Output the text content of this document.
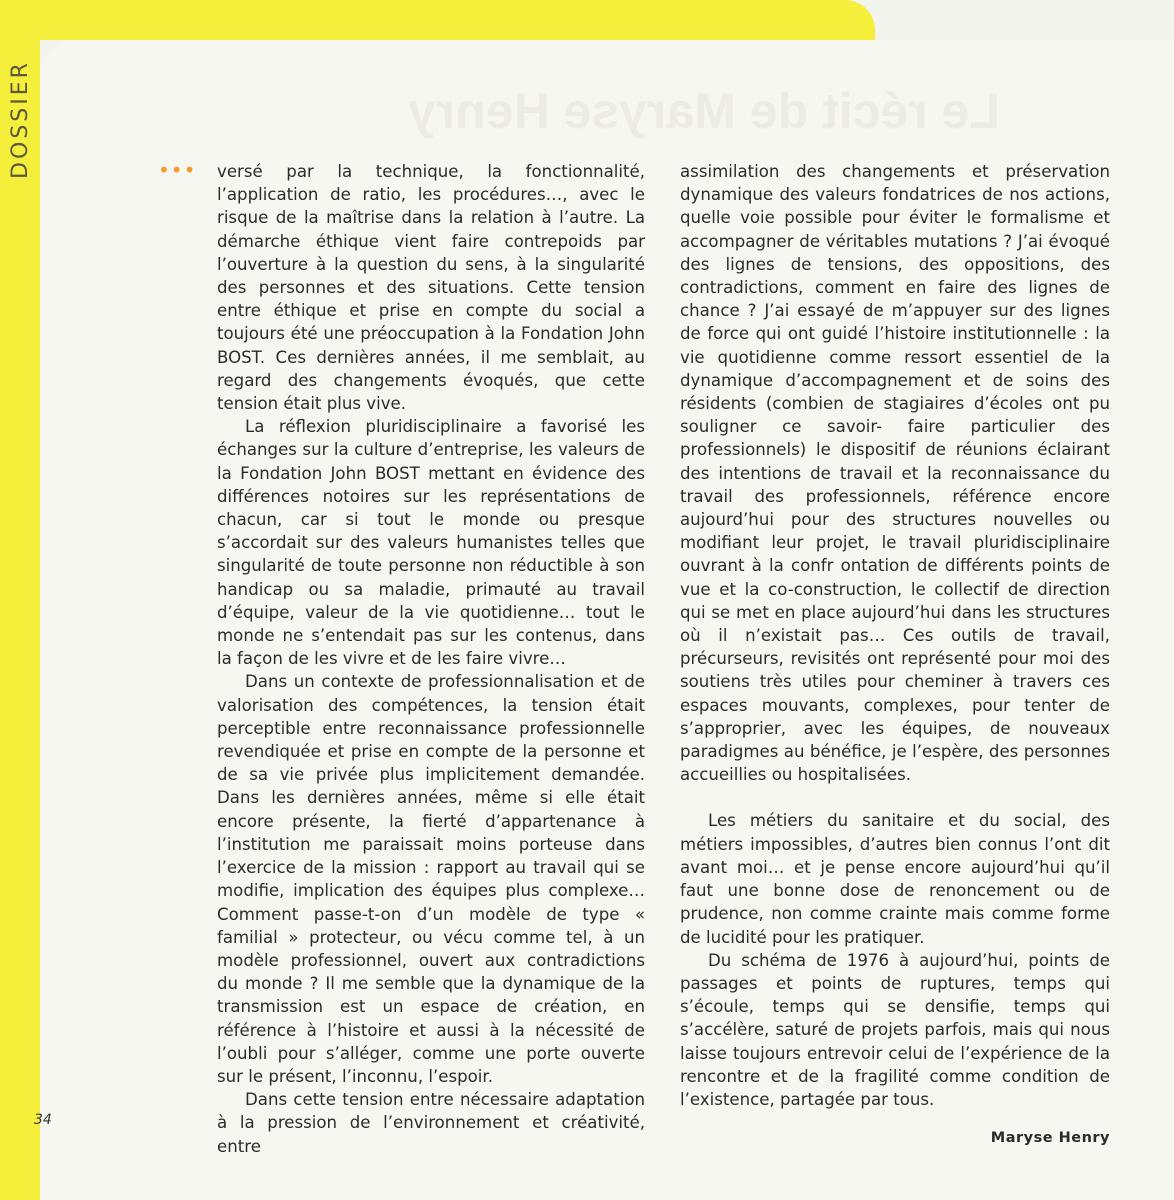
DOSSIER	Le récit de Maryse Henry
••• versé par la technique, la fonctionnalité, l’application de ratio, les procédures…, avec le risque de la maîtrise dans la relation à l’autre. La démarche éthique vient faire contrepoids par l’ouverture à la question du sens, à la singularité des personnes et des situations. Cette tension entre éthique et prise en compte du social a toujours été une préoccupation à la Fondation John BOST. Ces dernières années, il me semblait, au regard des changements évoqués, que cette tension était plus vive.

La réflexion pluridisciplinaire a favorisé les échanges sur la culture d’entreprise, les valeurs de la Fondation John BOST mettant en évidence des différences notoires sur les représentations de chacun, car si tout le monde ou presque s’accordait sur des valeurs humanistes telles que singularité de toute personne non réductible à son handicap ou sa maladie, primauté au travail d’équipe, valeur de la vie quotidienne… tout le monde ne s’entendait pas sur les contenus, dans la façon de les vivre et de les faire vivre…

Dans un contexte de professionnalisation et de valorisation des compétences, la tension était perceptible entre reconnaissance professionnelle revendiquée et prise en compte de la personne et de sa vie privée plus implicitement demandée. Dans les dernières années, même si elle était encore présente, la fierté d’appartenance à l’institution me paraissait moins porteuse dans l’exercice de la mission : rapport au travail qui se modifie, implication des équipes plus complexe… Comment passe-t-on d’un modèle de type « familial » protecteur, ou vécu comme tel, à un modèle professionnel, ouvert aux contradictions du monde ? Il me semble que la dynamique de la transmission est un espace de création, en référence à l’histoire et aussi à la nécessité de l’oubli pour s’alléger, comme une porte ouverte sur le présent, l’inconnu, l’espoir.

Dans cette tension entre nécessaire adaptation à la pression de l’environnement et créativité, entre

assimilation des changements et préservation dynamique des valeurs fondatrices de nos actions, quelle voie possible pour éviter le formalisme et accompagner de véritables mutations ? J’ai évoqué des lignes de tensions, des oppositions, des contradictions, comment en faire des lignes de chance ? J’ai essayé de m’appuyer sur des lignes de force qui ont guidé l’histoire institutionnelle : la vie quotidienne comme ressort essentiel de la dynamique d’accompagnement et de soins des résidents (combien de stagiaires d’écoles ont pu souligner ce savoir- faire particulier des professionnels) le dispositif de réunions éclairant des intentions de travail et la reconnaissance du travail des professionnels, référence encore aujourd’hui pour des structures nouvelles ou modifiant leur projet, le travail pluridisciplinaire ouvrant à la confr ontation de différents points de vue et la co-construction, le collectif de direction qui se met en place aujourd’hui dans les structures où il n’existait pas… Ces outils de travail, précurseurs, revisités ont représenté pour moi des soutiens très utiles pour cheminer à travers ces espaces mouvants, complexes, pour tenter de s’approprier, avec les équipes, de nouveaux paradigmes au bénéfice, je l’espère, des personnes accueillies ou hospitalisées.

Les métiers du sanitaire et du social, des métiers impossibles, d’autres bien connus l’ont dit avant moi… et je pense encore aujourd’hui qu’il faut une bonne dose de renoncement ou de prudence, non comme crainte mais comme forme de lucidité pour les pratiquer.

Du schéma de 1976 à aujourd’hui, points de passages et points de ruptures, temps qui s’écoule, temps qui se densifie, temps qui s’accélère, saturé de projets parfois, mais qui nous laisse toujours entrevoir celui de l’expérience de la rencontre et de la fragilité comme condition de l’existence, partagée par tous.

Maryse Henry
34
